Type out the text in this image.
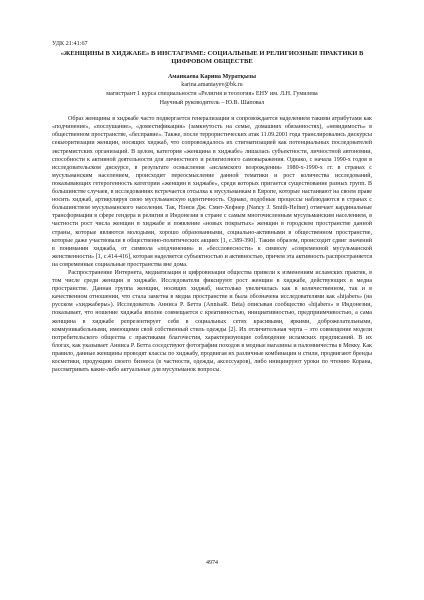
УДК 21:41:67
«ЖЕНЩИНЫ В ХИДЖАБЕ» В ИНСТАГРАМЕ: СОЦИАЛЬНЫЕ И РЕЛИГИОЗНЫЕ ПРАКТИКИ В ЦИФРОВОМ ОБЩЕСТВЕ
Аманкаева Карина Муратқызы
karina.amantayev@bk.ru
магистрант 1 курса специальности «Религия и теология» ЕНУ им. Л.Н. Гумилева
Научный руководитель – Ю.В. Шаповал

Образ женщины в хиджабе часто подвергается генерализации и сопровождается наделением такими атрибутами как «подчинение», «послушание», «доместификация» (замкнутость на семье, домашних обязанностях), «невидимость» в общественном пространстве, «бесправие». Также, после террористических атак 11.09.2001 года транслировались дискурсы секьюритизации женщин, носящих хиджаб, что сопровождалось их стигматизацией как потенциальных последователей экстремистских организаций. В целом, категория «женщина в хиджабе» лишалась субъектности, личностной автономии, способности к активной деятельности для личностного и религиозного самовыражения. Однако, с начала 1990-х годов в исследовательском дискурсе, в результате осмысления «исламского возрождения» 1980-х-1990-х гг. в странах с мусульманским населением, происходит переосмысление данной тематики и рост количества исследований, показывающих гетерогенность категории «женщин в хиджабе», среди которых пригается существование разных групп. В большинстве случаев, в исследованиях встречается отсылка к мусульманкам в Европе, которые настаивают на своем праве носить хиджаб, артикулируя свою мусульманскую идентичность. Однако, подобные процессы наблюдаются в странах с большинством мусульманского населения. Так, Нэнси Дж. Смит-Хефнер (Nancy J. Smith-Hefner) отмечает кардинальные трансформации в сфере гендера и религии в Индонезии в стране с самым многочисленным мусульманским населением, в частности рост числа женщин в хиджабе и появление «новых покрытых» женщин в городском пространстве данной страны, которые являются молодыми, хорошо образованными, социально-активными в общественном пространстве, которые даже участвовали в общественно-политических акциях [1, с.389-390]. Таким образом, происходит сдвиг значений в понимании хиджаба, от символа «подчинения» и «бессловесности» к символу «современной мусульманской женственности» [1, с.414-416], которая наделяется субъектностью и активностью, причем эта активность распространяется на современные социальные пространства вне дома.

Распространение Интернета, медиатизация и цифровизация общества привели к изменениям исламских практик, в том числе среди женщин в хиджабе. Исследователи фиксируют рост женщин в хиджабе, действующих в медиа пространстве. Данная группа женщин, носящих хиджаб, настолько увеличилась как в количественном, так и в качественном отношении, что стала заметна в медиа пространстве и была обозначена исследователями как «hijabers» (на русском «хиджаберы»). Исследователь Анниса Р. Бетта (AnnisaR. Beta) описывая сообщество «hijabers» в Индонезии, показывает, что ношение хиджаба вполне совмещается с креативностью, инициативностью, предприимчивостью, а сама женщина в хиджабе репрезентирует себя в социальных сетях красивыми, яркими, доброжелательными, коммуникабельными, имеющими свой собственный стиль одежды [2]. Их отличительная черта – это совмещение модели потребительского общества с практиками благочестия, характеризующие соблюдение исламских предписаний. В их блогах, как указывает Анниса Р. Бетта соседствуют фотографии походов в модные магазины и паломничества в Мекку. Как правило, данные женщины проводят классы по хиджабу, продвигая их различные комбинации и стили, продвигают бренды косметики, продукцию своего бизнеса (в частности, одежды, аксессуаров), либо инициируют уроки по чтению Корана, рассматривать какие-либо актуальные для мусульманок вопросы.

4974
